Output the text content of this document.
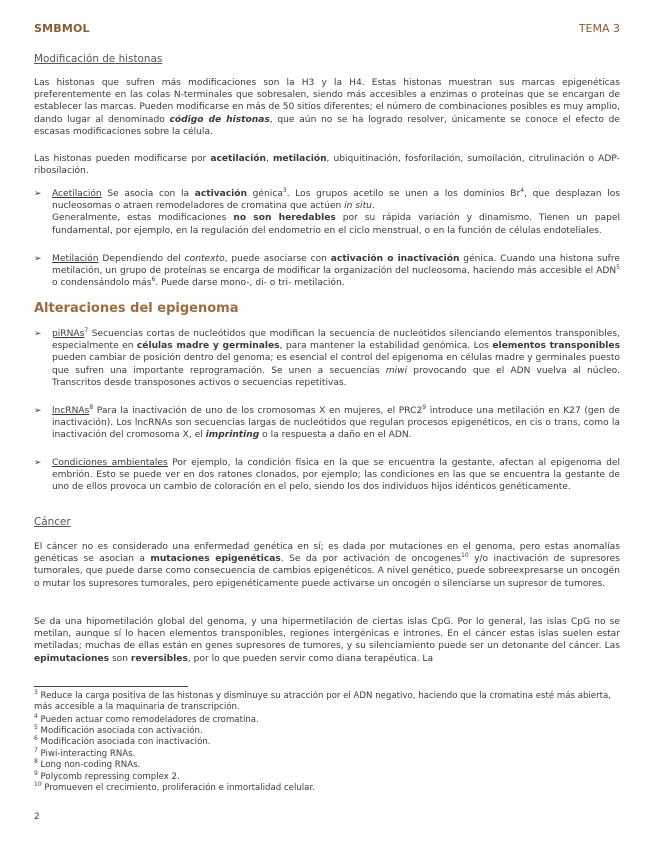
SMBMOL	TEMA 3
Modificación de histonas
Las histonas que sufren más modificaciones son la H3 y la H4. Estas histonas muestran sus marcas epigenéticas preferentemente en las colas N-terminales que sobresalen, siendo más accesibles a enzimas o proteínas que se encargan de establecer las marcas. Pueden modificarse en más de 50 sitios diferentes; el número de combinaciones posibles es muy amplio, dando lugar al denominado código de histonas, que aún no se ha logrado resolver, únicamente se conoce el efecto de escasas modificaciones sobre la célula.
Las histonas pueden modificarse por acetilación, metilación, ubiquitinación, fosforilación, sumoilación, citrulinación o ADP-ribosilación.
➢ Acetilación Se asocia con la activación génica$^3$. Los grupos acetilo se unen a los dominios Br$^4$, que desplazan los nucleosomas o atraen remodeladores de cromatina que actúen in situ.
Generalmente, estas modificaciones no son heredables por su rápida variación y dinamismo. Tienen un papel fundamental, por ejemplo, en la regulación del endometrio en el ciclo menstrual, o en la función de células endoteliales.
➢ Metilación Dependiendo del contexto, puede asociarse con activación o inactivación génica. Cuando una histona sufre metilación, un grupo de proteínas se encarga de modificar la organización del nucleosoma, haciendo más accesible el ADN$^5$ o condensándolo más$^6$. Puede darse mono-, di- o tri- metilación.
Alteraciones del epigenoma
➢ piRNAs$^7$ Secuencias cortas de nucleótidos que modifican la secuencia de nucleótidos silenciando elementos transponibles, especialmente en células madre y germinales, para mantener la estabilidad genómica. Los elementos transponibles pueden cambiar de posición dentro del genoma; es esencial el control del epigenoma en células madre y germinales puesto que sufren una importante reprogramación. Se unen a secuencias miwi provocando que el ADN vuelva al núcleo. Transcritos desde transposones activos o secuencias repetitivas.
➢ lncRNAs$^8$ Para la inactivación de uno de los cromosomas X en mujeres, el $PRC2^9$ introduce una metilación en K27 (gen de inactivación). Los lncRNAs son secuencias largas de nucleótidos que regulan procesos epigenéticos, en cis o trans, como la inactivación del cromosoma X, el imprinting o la respuesta a daño en el ADN.
➢ Condiciones ambientales Por ejemplo, la condición física en la que se encuentra la gestante, afectan al epigenoma del embrión. Esto se puede ver en dos ratones clonados, por ejemplo; las condiciones en las que se encuentra la gestante de uno de ellos provoca un cambio de coloración en el pelo, siendo los dos individuos hijos idénticos genéticamente.
Cáncer
El cáncer no es considerado una enfermedad genética en sí; es dada por mutaciones en el genoma, pero estas anomalías genéticas se asocian a mutaciones epigenéticas. Se da por activación de oncogenes$^{10}$ y/o inactivación de supresores tumorales, que puede darse como consecuencia de cambios epigenéticos. A nivel genético, puede sobreexpresarse un oncogén o mutar los supresores tumorales, pero epigenéticamente puede activarse un oncogén o silenciarse un supresor de tumores.
Se da una hipometilación global del genoma, y una hipermetilación de ciertas islas CpG. Por lo general, las islas CpG no se metilan, aunque sí lo hacen elementos transponibles, regiones intergénicas e intrones. En el cáncer estas islas suelen estar metiladas; muchas de ellas están en genes supresores de tumores, y su silenciamiento puede ser un detonante del cáncer. Las epimutaciones son reversibles, por lo que pueden servir como diana terapéutica. La
$^3$ Reduce la carga positiva de las histonas y disminuye su atracción por el ADN negativo, haciendo que la cromatina esté más abierta, más accesible a la maquinaria de transcripción.
$^4$ Pueden actuar como remodeladores de cromatina.
$^5$ Modificación asociada con activación.
$^6$ Modificación asociada con inactivación.
$^7$ Piwi-interacting RNAs.
$^8$ Long non-coding RNAs.
$^9$ Polycomb repressing complex 2.
$^{10}$ Promueven el crecimiento, proliferación e inmortalidad celular.
2
